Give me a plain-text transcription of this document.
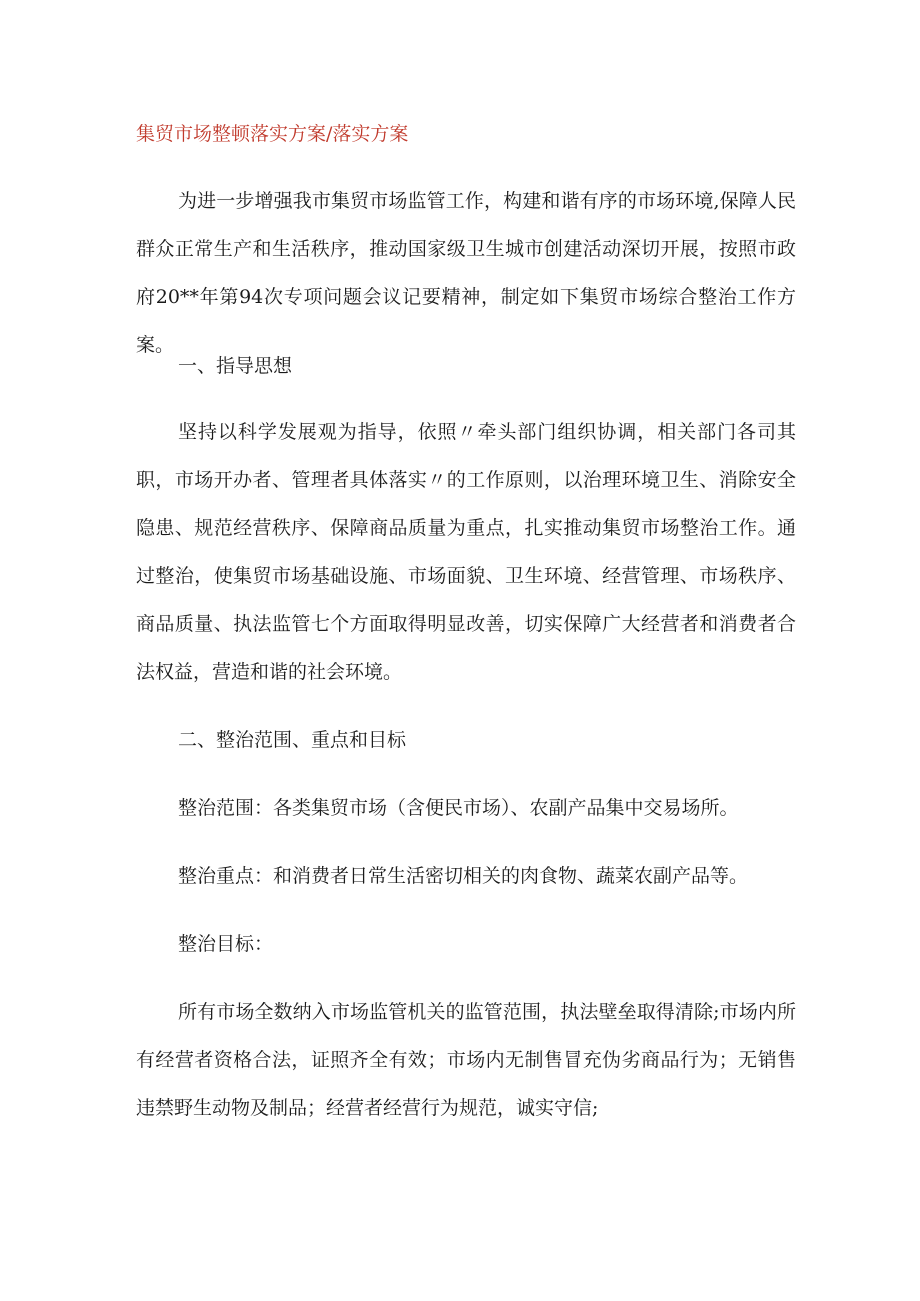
集贸市场整顿落实方案/落实方案

为进一步增强我市集贸市场监管工作，构建和谐有序的市场环境,保障人民群众正常生产和生活秩序，推动国家级卫生城市创建活动深切开展，按照市政府20**年第94次专项问题会议记要精神，制定如下集贸市场综合整治工作方案。

一、指导思想

坚持以科学发展观为指导，依照〃牵头部门组织协调，相关部门各司其职，市场开办者、管理者具体落实〃的工作原则，以治理环境卫生、消除安全隐患、规范经营秩序、保障商品质量为重点，扎实推动集贸市场整治工作。通过整治，使集贸市场基础设施、市场面貌、卫生环境、经营管理、市场秩序、商品质量、执法监管七个方面取得明显改善，切实保障广大经营者和消费者合法权益，营造和谐的社会环境。

二、整治范围、重点和目标

整治范围：各类集贸市场（含便民市场）、农副产品集中交易场所。

整治重点：和消费者日常生活密切相关的肉食物、蔬菜农副产品等。

整治目标：

所有市场全数纳入市场监管机关的监管范围，执法壁垒取得清除;市场内所有经营者资格合法，证照齐全有效；市场内无制售冒充伪劣商品行为；无销售违禁野生动物及制品；经营者经营行为规范，诚实守信;
